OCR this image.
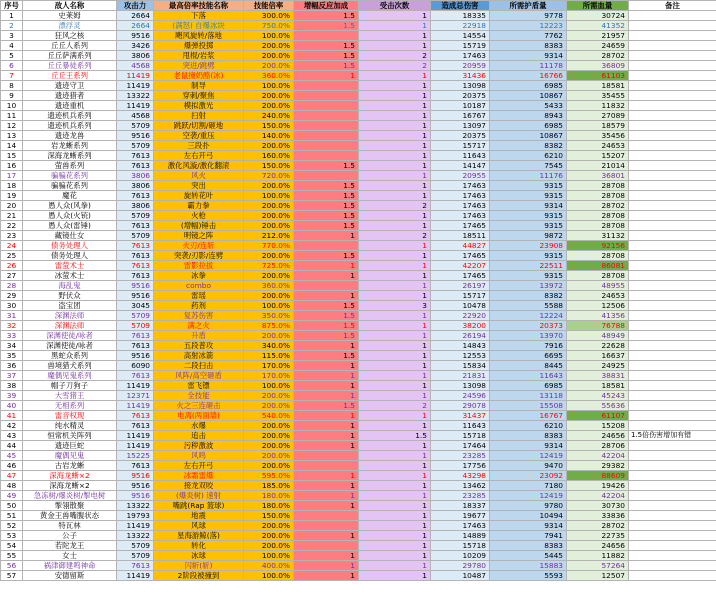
序号	敌人名称	攻击力	最高倍率技能名称	技能倍率	增幅反应加成	受击次数	造成总伤害	所需护盾量	所需血量	备注
1	史莱姆	2664	下落	300.0%	1.5	1	18335	9778	30724	
2	漂浮灵	2664	(满怒) 自爆冰块	750.0%	1.5	1	22918	12223	41352	
3	狂风之核	9516	飓风旋转/落地	100.0%		1	14554	7762	21957	
4	丘丘人系列	3426	爆弹投掷	200.0%	1.5	1	15719	8383	24659	
5	丘丘萨满系列	3806	甩棍/岩浆	200.0%	1.5	2	17463	9314	28702	
6	丘丘暴徒系列	4568	突进/跳劈	200.0%	1.5	2	20959	11178	36809	
7	丘丘王系列	11419	老鼠撞奶酪(冰)	360.0%	1	1	31436	16766	61103	
8	遗迹守卫	11419	制导	100.0%		1	13098	6985	18581	
9	遗迹猎者	13322	穿刺/聚焦	200.0%		1	20375	10867	35455	
10	遗迹重机	11419	模拟激光	200.0%		1	10187	5433	11832	
11	遗迹机兵系列	4568	扫射	240.0%		1	16767	8943	27089	
12	遗迹机兵系列	5709	跳跃/切割/砸地	150.0%		1	13097	6985	18579	
13	遗迹龙兽	9516	空袭/重压	140.0%		1	20375	10867	35456	
14	岩龙蜥系列	5709	三段扑	200.0%		1	15717	8382	24653	
15	深海龙蜥系列	7613	左右开弓	160.0%		1	11643	6210	15207	
16	萤兽系列	7613	激化风漩/激化翻滚	150.0%	1.5	1	14147	7545	21014	
17	骗骗花系列	3806	风火	720.0%		1	20955	11176	36801	
18	骗骗花系列	3806	突出	200.0%	1.5	1	17463	9315	28708	
19	魔花	7613	旋转花叶	100.0%	1.5	1	17463	9315	28708	
20	愚人众(风拳)	3806	霸力拳	200.0%	1.5	2	17463	9314	28702	
21	愚人众(火铳)	5709	火枪	200.0%	1.5	1	17463	9315	28708	
22	愚人众(雷锤)	7613	(增幅)锤击	200.0%	1.5	1	17465	9315	28708	
23	藏镜仕女	5709	明镜之阵	212.0%	1	2	18511	9872	31132	
24	债务处理人	7613	火刃/连斩	770.0%		1	44827	23908	92156	
25	债务处理人	7613	突袭/刃影/连劈	200.0%	1.5	1	17465	9315	28708	
26	雷萤术士	7613	雷影拉拔	725.0%	1	1	42207	22511	86081	
27	冰萤术士	7613	冰拳	200.0%	1	1	17465	9315	28708	
28	海乱鬼	9516	combo	360.0%		1	26197	13972	48955	
29	野伏众	9516	雷瑶	200.0%	1	1	15717	8382	24653	
30	盗宝团	3045	药剂	100.0%	1.5	3	10478	5588	12506	
31	深渊法师	5709	复苏伤害	350.0%	1.5	1	22920	12224	41356	
32	深渊法师	5709	满之火	875.0%	1.5	1	38200	20373	76788	
33	深渊使徒/咏者	7613	升盾	200.0%	1.5	1	26194	13970	48949	
34	深渊使徒/咏者	7613	五段普攻	340.0%	1	1	14843	7916	22628	
35	黑蛇众系列	9516	高射冰箭	115.0%	1.5	1	12553	6695	16637	
36	兽境猎犬系列	6090	二段扫击	170.0%	1	1	15834	8445	24925	
37	魔偶见鬼系列	7613	风阵/高空砸盾	170.0%	1	1	21831	11643	38831	
38	帽子刀狗子	11419	雷飞镖	100.0%	1	1	13098	6985	18581	
39	大雪猪王	12371	全技能	200.0%	1	1	24596	13118	45243	
40	无相系列	11419	火之三连砸击	200.0%	1.5	2	29078	15508	55636	
41	雷音权现	7613	电离(两面墙)	540.0%	1	1	31437	16767	61107	
42	纯水精灵	7613	水爆	200.0%	1	1	11643	6210	15208	
43	恒常机关阵列	11419	追击	200.0%	1	1.5	15718	8383	24656	1.5倍伤害增加有错
44	遗迹巨蛇	11419	污秽激波	200.0%	1	1	17464	9314	28706	
45	魔偶见鬼	15225	风鸣	200.0%		1	23285	12419	42204	
46	古岩龙蜥	7613	左右开弓	200.0%		1	17756	9470	29382	
47	深海龙蜥×2	9516	冰霜雷爆	595.0%	1	1	43298	23092	88609	
48	深海龙蜥×2	9516	接龙双咬	185.0%	1	1	13462	7180	19426	
49	急冻树/爆炎树/掣电树	9516	(爆炎树) 速射	180.0%	1	1	23285	12419	42204	
50	掣翎散聚	13322	嘴跳(Rap 篮球)	180.0%	1	1	18337	9780	30730	
51	黄金王兽嘴腹状态	19793	地震	150.0%		1	19677	10494	33836	
52	特瓦林	11419	风球	200.0%		1	17463	9314	28702	
53	公子	13322	星海游鲸(落)	200.0%	1	1	14889	7941	22735	
54	若陀龙王	5709	转化	200.0%		1	15718	8383	24656	
55	女士	5709	冰球	100.0%	1	1	10209	5445	11882	
56	祸津御建鸣神命	7613	闪斩(斩)	400.0%	1	1	29780	15883	57264	
57	安德留斯	11419	2阶段被撞到	100.0%	1	1	10487	5593	12507	
